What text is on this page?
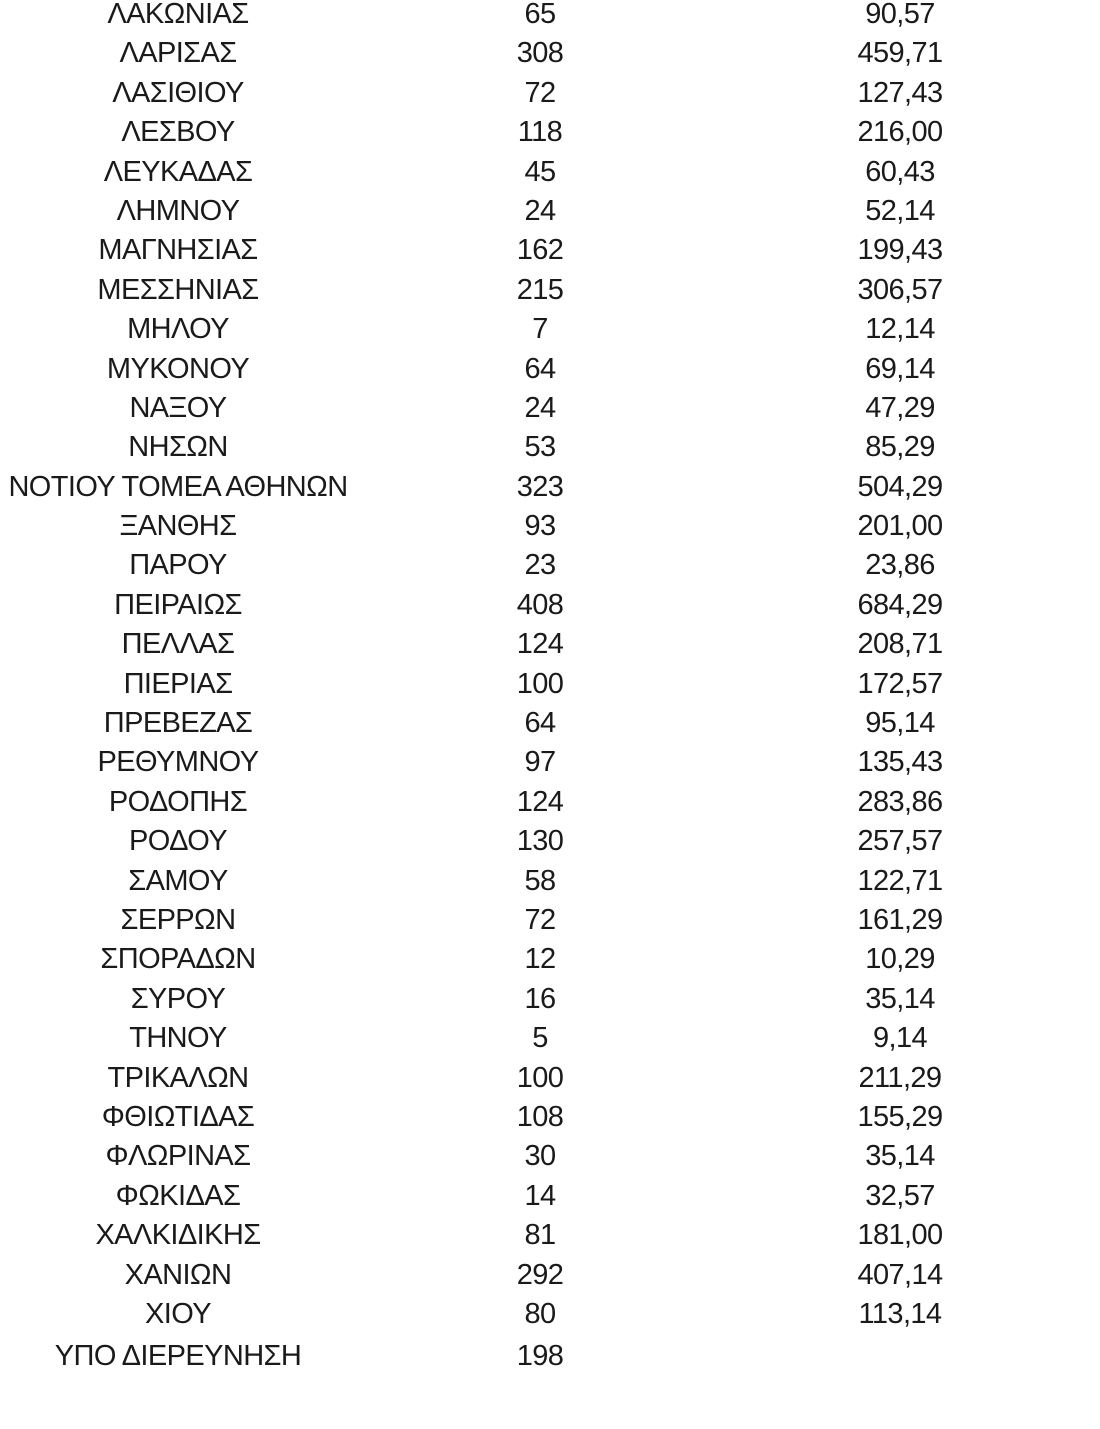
ΛΑΚΩΝΙΑΣ	65	90,57
ΛΑΡΙΣΑΣ	308	459,71
ΛΑΣΙΘΙΟΥ	72	127,43
ΛΕΣΒΟΥ	118	216,00
ΛΕΥΚΑΔΑΣ	45	60,43
ΛΗΜΝΟΥ	24	52,14
ΜΑΓΝΗΣΙΑΣ	162	199,43
ΜΕΣΣΗΝΙΑΣ	215	306,57
ΜΗΛΟΥ	7	12,14
ΜΥΚΟΝΟΥ	64	69,14
ΝΑΞΟΥ	24	47,29
ΝΗΣΩΝ	53	85,29
ΝΟΤΙΟΥ ΤΟΜΕΑ ΑΘΗΝΩΝ	323	504,29
ΞΑΝΘΗΣ	93	201,00
ΠΑΡΟΥ	23	23,86
ΠΕΙΡΑΙΩΣ	408	684,29
ΠΕΛΛΑΣ	124	208,71
ΠΙΕΡΙΑΣ	100	172,57
ΠΡΕΒΕΖΑΣ	64	95,14
ΡΕΘΥΜΝΟΥ	97	135,43
ΡΟΔΟΠΗΣ	124	283,86
ΡΟΔΟΥ	130	257,57
ΣΑΜΟΥ	58	122,71
ΣΕΡΡΩΝ	72	161,29
ΣΠΟΡΑΔΩΝ	12	10,29
ΣΥΡΟΥ	16	35,14
ΤΗΝΟΥ	5	9,14
ΤΡΙΚΑΛΩΝ	100	211,29
ΦΘΙΩΤΙΔΑΣ	108	155,29
ΦΛΩΡΙΝΑΣ	30	35,14
ΦΩΚΙΔΑΣ	14	32,57
ΧΑΛΚΙΔΙΚΗΣ	81	181,00
ΧΑΝΙΩΝ	292	407,14
ΧΙΟΥ	80	113,14
ΥΠΟ ΔΙΕΡΕΥΝΗΣΗ	198
